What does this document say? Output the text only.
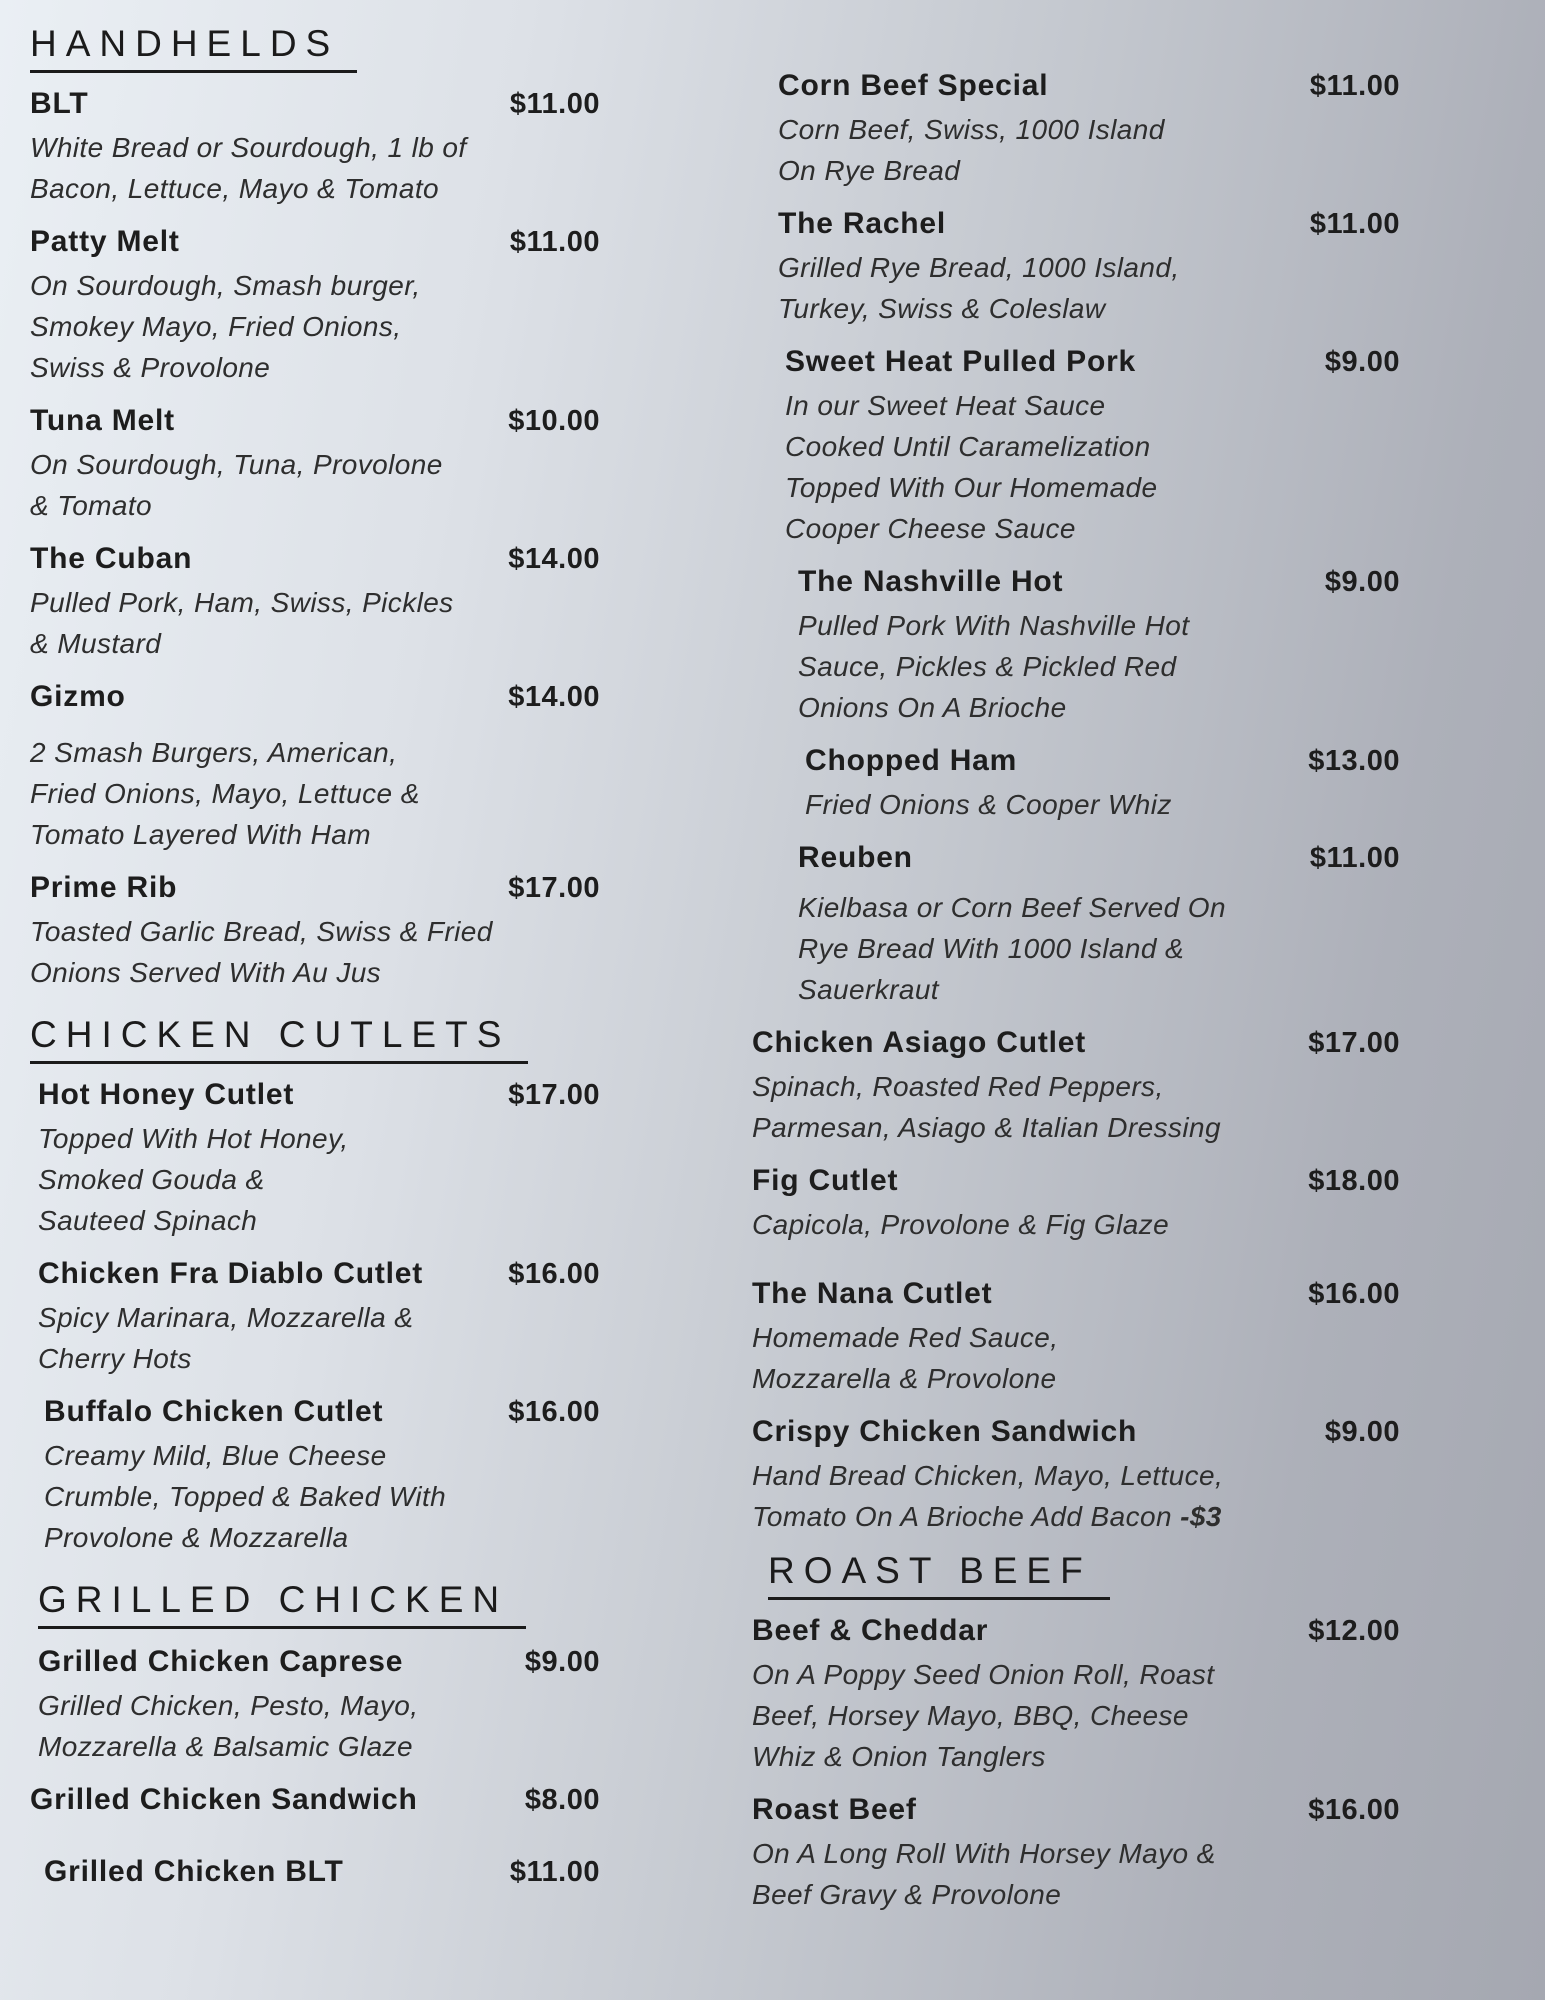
HANDHELDS
BLT	$11.00
White Bread or Sourdough, 1 lb of
Bacon, Lettuce, Mayo & Tomato
Patty Melt	$11.00
On Sourdough, Smash burger,
Smokey Mayo, Fried Onions,
Swiss & Provolone
Tuna Melt	$10.00
On Sourdough, Tuna, Provolone
& Tomato
The Cuban	$14.00
Pulled Pork, Ham, Swiss, Pickles
& Mustard
Gizmo	$14.00
2 Smash Burgers, American,
Fried Onions, Mayo, Lettuce &
Tomato Layered With Ham
Prime Rib	$17.00
Toasted Garlic Bread, Swiss & Fried
Onions Served With Au Jus
CHICKEN CUTLETS
Hot Honey Cutlet	$17.00
Topped With Hot Honey,
Smoked Gouda &
Sauteed Spinach
Chicken Fra Diablo Cutlet	$16.00
Spicy Marinara, Mozzarella &
Cherry Hots
Buffalo Chicken Cutlet	$16.00
Creamy Mild, Blue Cheese
Crumble, Topped & Baked With
Provolone & Mozzarella
GRILLED CHICKEN
Grilled Chicken Caprese	$9.00
Grilled Chicken, Pesto, Mayo,
Mozzarella & Balsamic Glaze
Grilled Chicken Sandwich	$8.00
Grilled Chicken BLT	$11.00
Corn Beef Special	$11.00
Corn Beef, Swiss, 1000 Island
On Rye Bread
The Rachel	$11.00
Grilled Rye Bread, 1000 Island,
Turkey, Swiss & Coleslaw
Sweet Heat Pulled Pork	$9.00
In our Sweet Heat Sauce
Cooked Until Caramelization
Topped With Our Homemade
Cooper Cheese Sauce
The Nashville Hot	$9.00
Pulled Pork With Nashville Hot
Sauce, Pickles & Pickled Red
Onions On A Brioche
Chopped Ham	$13.00
Fried Onions & Cooper Whiz
Reuben	$11.00
Kielbasa or Corn Beef Served On
Rye Bread With 1000 Island &
Sauerkraut
Chicken Asiago Cutlet	$17.00
Spinach, Roasted Red Peppers,
Parmesan, Asiago & Italian Dressing
Fig Cutlet	$18.00
Capicola, Provolone & Fig Glaze
The Nana Cutlet	$16.00
Homemade Red Sauce,
Mozzarella & Provolone
Crispy Chicken Sandwich	$9.00
Hand Bread Chicken, Mayo, Lettuce,
Tomato On A Brioche Add Bacon -$3
ROAST BEEF
Beef & Cheddar	$12.00
On A Poppy Seed Onion Roll, Roast
Beef, Horsey Mayo, BBQ, Cheese
Whiz & Onion Tanglers
Roast Beef	$16.00
On A Long Roll With Horsey Mayo &
Beef Gravy & Provolone
